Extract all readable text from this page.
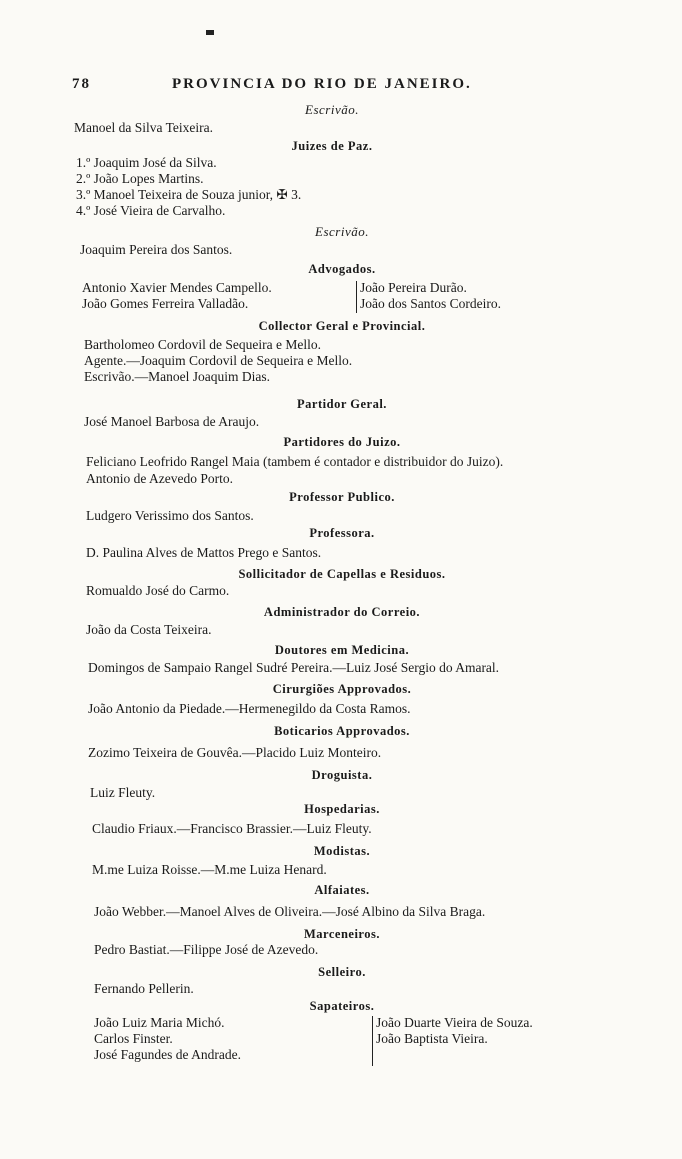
78	PROVINCIA DO RIO DE JANEIRO.
Escrivão.
Manoel da Silva Teixeira.
Juizes de Paz.
1.º Joaquim José da Silva.
2.º João Lopes Martins.
3.º Manoel Teixeira de Souza junior, ✠ 3.
4.º José Vieira de Carvalho.
Escrivão.
Joaquim Pereira dos Santos.
Advogados.
Antonio Xavier Mendes Campello.
João Gomes Ferreira Valladão.
João Pereira Durão.
João dos Santos Cordeiro.
Collector Geral e Provincial.
Bartholomeo Cordovil de Sequeira e Mello.
Agente.—Joaquim Cordovil de Sequeira e Mello.
Escrivão.—Manoel Joaquim Dias.
Partidor Geral.
José Manoel Barbosa de Araujo.
Partidores do Juizo.
Feliciano Leofrido Rangel Maia (tambem é contador e distribuidor do Juizo).
Antonio de Azevedo Porto.
Professor Publico.
Ludgero Verissimo dos Santos.
Professora.
D. Paulina Alves de Mattos Prego e Santos.
Sollicitador de Capellas e Residuos.
Romualdo José do Carmo.
Administrador do Correio.
João da Costa Teixeira.
Doutores em Medicina.
Domingos de Sampaio Rangel Sudré Pereira.—Luiz José Sergio do Amaral.
Cirurgiões Approvados.
João Antonio da Piedade.—Hermenegildo da Costa Ramos.
Boticarios Approvados.
Zozimo Teixeira de Gouvêa.—Placido Luiz Monteiro.
Droguista.
Luiz Fleuty.
Hospedarias.
Claudio Friaux.—Francisco Brassier.—Luiz Fleuty.
Modistas.
M.me Luiza Roisse.—M.me Luiza Henard.
Alfaiates.
João Webber.—Manoel Alves de Oliveira.—José Albino da Silva Braga.
Marceneiros.
Pedro Bastiat.—Filippe José de Azevedo.
Selleiro.
Fernando Pellerin.
Sapateiros.
João Luiz Maria Michó.
Carlos Finster.
José Fagundes de Andrade.
João Duarte Vieira de Souza.
João Baptista Vieira.
